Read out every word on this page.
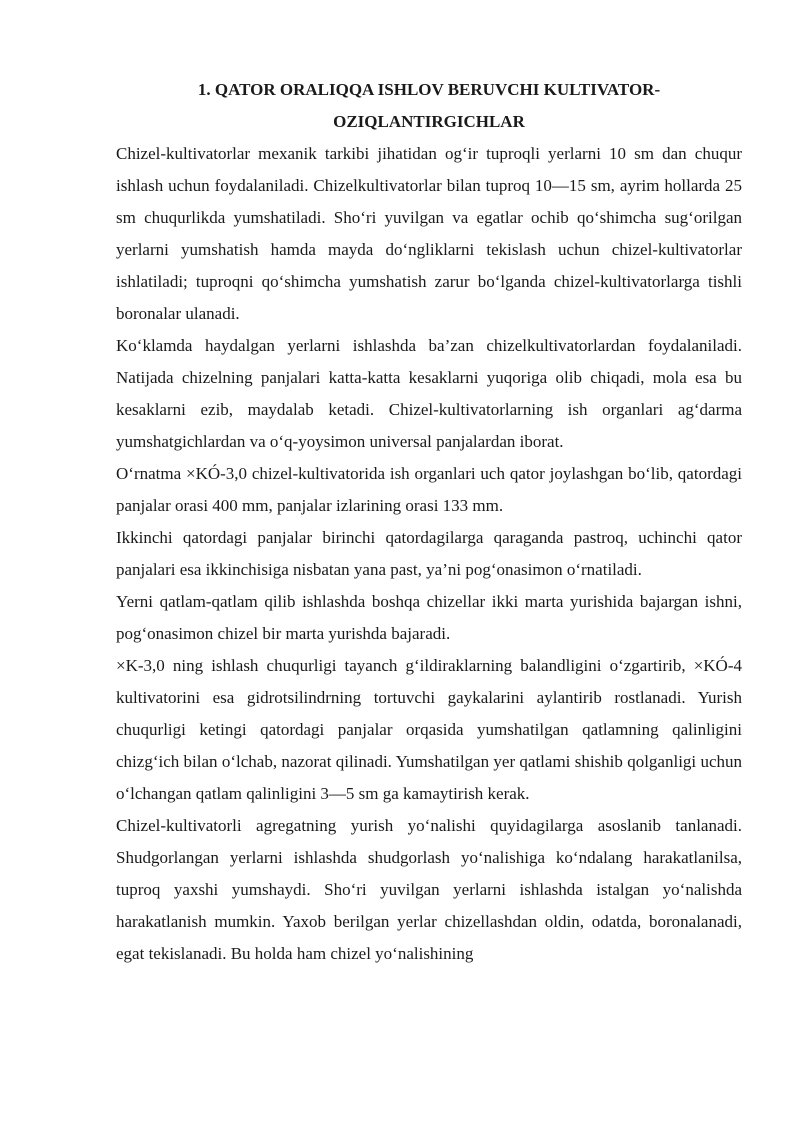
1. QATOR ORALIQQA ISHLOV BERUVCHI KULTIVATOR-
OZIQLANTIRGICHLAR

Chizel-kultivatorlar mexanik tarkibi jihatidan og‘ir tuproqli yerlarni 10 sm dan chuqur ishlash uchun foydalaniladi. Chizelkultivatorlar bilan tuproq 10—15 sm, ayrim hollarda 25 sm chuqurlikda yumshatiladi. Sho‘ri yuvilgan va egatlar ochib qo‘shimcha sug‘orilgan yerlarni yumshatish hamda mayda do‘ngliklarni tekislash uchun chizel-kultivatorlar ishlatiladi; tuproqni qo‘shimcha yumshatish zarur bo‘lganda chizel-kultivatorlarga tishli boronalar ulanadi.

Ko‘klamda haydalgan yerlarni ishlashda ba’zan chizelkultivatorlardan foydalaniladi. Natijada chizelning panjalari katta-katta kesaklarni yuqoriga olib chiqadi, mola esa bu kesaklarni ezib, maydalab ketadi. Chizel-kultivatorlarning ish organlari ag‘darma yumshatgichlardan va o‘q-yoysimon universal panjalardan iborat.

O‘rnatma ×KÓ-3,0 chizel-kultivatorida ish organlari uch qator joylashgan bo‘lib, qatordagi panjalar orasi 400 mm, panjalar izlarining orasi 133 mm.

Ikkinchi qatordagi panjalar birinchi qatordagilarga qaraganda pastroq, uchinchi qator panjalari esa ikkinchisiga nisbatan yana past, ya’ni pog‘onasimon o‘rnatiladi.

Yerni qatlam-qatlam qilib ishlashda boshqa chizellar ikki marta yurishida bajargan ishni, pog‘onasimon chizel bir marta yurishda bajaradi.

×K-3,0 ning ishlash chuqurligi tayanch g‘ildiraklarning balandligini o‘zgartirib, ×KÓ-4 kultivatorini esa gidrotsilindrning tortuvchi gaykalarini aylantirib rostlanadi. Yurish chuqurligi ketingi qatordagi panjalar orqasida yumshatilgan qatlamning qalinligini chizg‘ich bilan o‘lchab, nazorat qilinadi. Yumshatilgan yer qatlami shishib qolganligi uchun o‘lchangan qatlam qalinligini 3—5 sm ga kamaytirish kerak.

Chizel-kultivatorli agregatning yurish yo‘nalishi quyidagilarga asoslanib tanlanadi. Shudgorlangan yerlarni ishlashda shudgorlash yo‘nalishiga ko‘ndalang harakatlanilsa, tuproq yaxshi yumshaydi. Sho‘ri yuvilgan yerlarni ishlashda istalgan yo‘nalishda harakatlanish mumkin. Yaxob berilgan yerlar chizellashdan oldin, odatda, boronalanadi, egat tekislanadi. Bu holda ham chizel yo‘nalishining
